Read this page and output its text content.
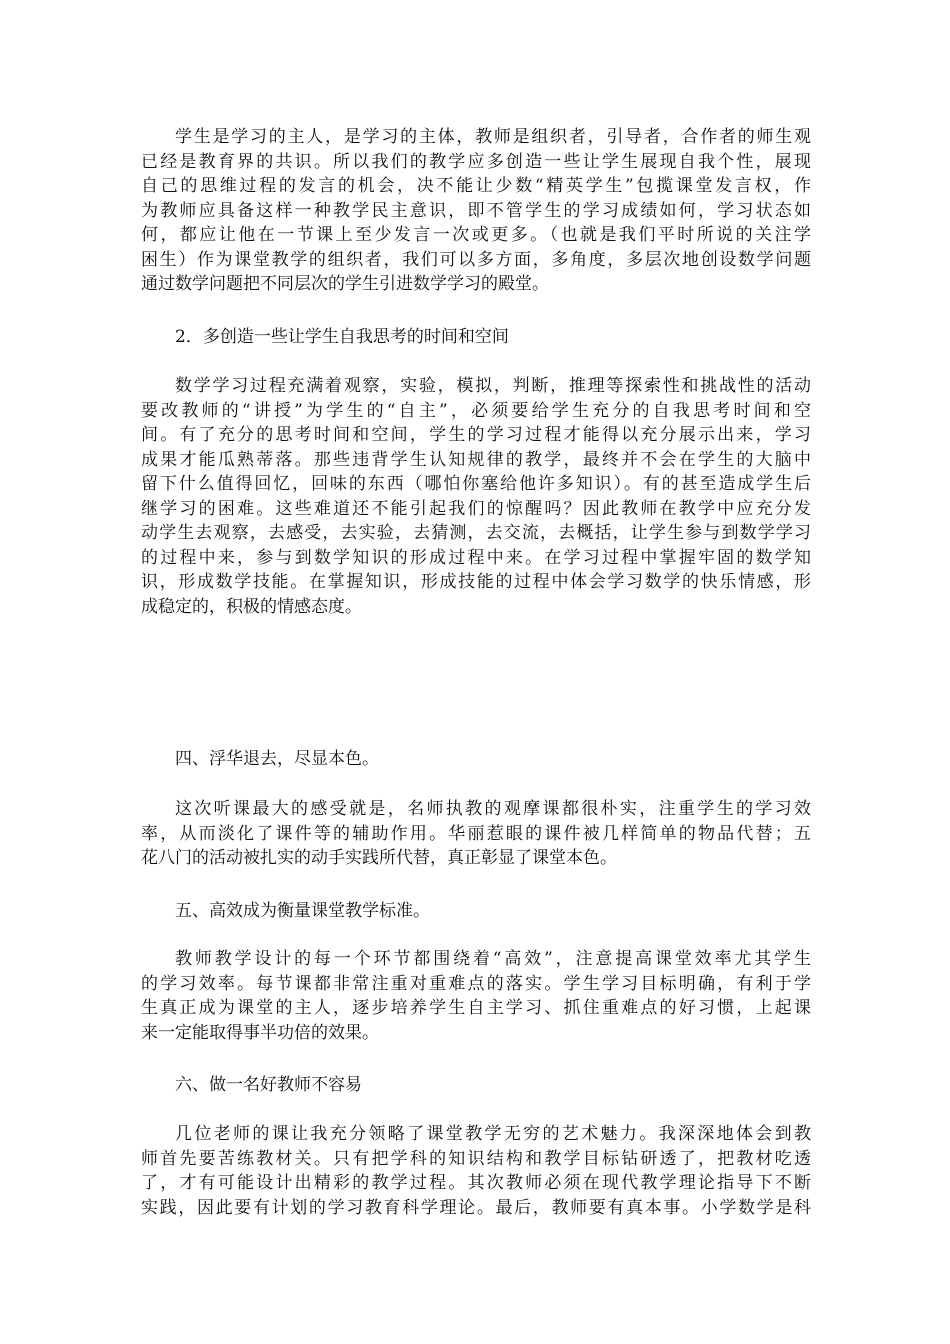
学生是学习的主人，是学习的主体，教师是组织者，引导者，合作者的师生观
已经是教育界的共识。所以我们的教学应多创造一些让学生展现自我个性，展现
自己的思维过程的发言的机会，决不能让少数“精英学生”包揽课堂发言权，作
为教师应具备这样一种教学民主意识，即不管学生的学习成绩如何，学习状态如
何，都应让他在一节课上至少发言一次或更多。（也就是我们平时所说的关注学
困生）作为课堂教学的组织者，我们可以多方面，多角度，多层次地创设数学问题
通过数学问题把不同层次的学生引进数学学习的殿堂。
2．多创造一些让学生自我思考的时间和空间
数学学习过程充满着观察，实验，模拟，判断，推理等探索性和挑战性的活动
要改教师的“讲授”为学生的“自主”，必须要给学生充分的自我思考时间和空
间。有了充分的思考时间和空间，学生的学习过程才能得以充分展示出来，学习
成果才能瓜熟蒂落。那些违背学生认知规律的教学，最终并不会在学生的大脑中
留下什么值得回忆，回味的东西（哪怕你塞给他许多知识）。有的甚至造成学生后
继学习的困难。这些难道还不能引起我们的惊醒吗？因此教师在教学中应充分发
动学生去观察，去感受，去实验，去猜测，去交流，去概括，让学生参与到数学学习
的过程中来，参与到数学知识的形成过程中来。在学习过程中掌握牢固的数学知
识，形成数学技能。在掌握知识，形成技能的过程中体会学习数学的快乐情感，形
成稳定的，积极的情感态度。
四、浮华退去，尽显本色。
这次听课最大的感受就是，名师执教的观摩课都很朴实，注重学生的学习效
率，从而淡化了课件等的辅助作用。华丽惹眼的课件被几样简单的物品代替；五
花八门的活动被扎实的动手实践所代替，真正彰显了课堂本色。
五、高效成为衡量课堂教学标准。
教师教学设计的每一个环节都围绕着“高效”，注意提高课堂效率尤其学生
的学习效率。每节课都非常注重对重难点的落实。学生学习目标明确，有利于学
生真正成为课堂的主人，逐步培养学生自主学习、抓住重难点的好习惯，上起课
来一定能取得事半功倍的效果。
六、做一名好教师不容易
几位老师的课让我充分领略了课堂教学无穷的艺术魅力。我深深地体会到教
师首先要苦练教材关。只有把学科的知识结构和教学目标钻研透了，把教材吃透
了，才有可能设计出精彩的教学过程。其次教师必须在现代教学理论指导下不断
实践，因此要有计划的学习教育科学理论。最后，教师要有真本事。小学数学是科
